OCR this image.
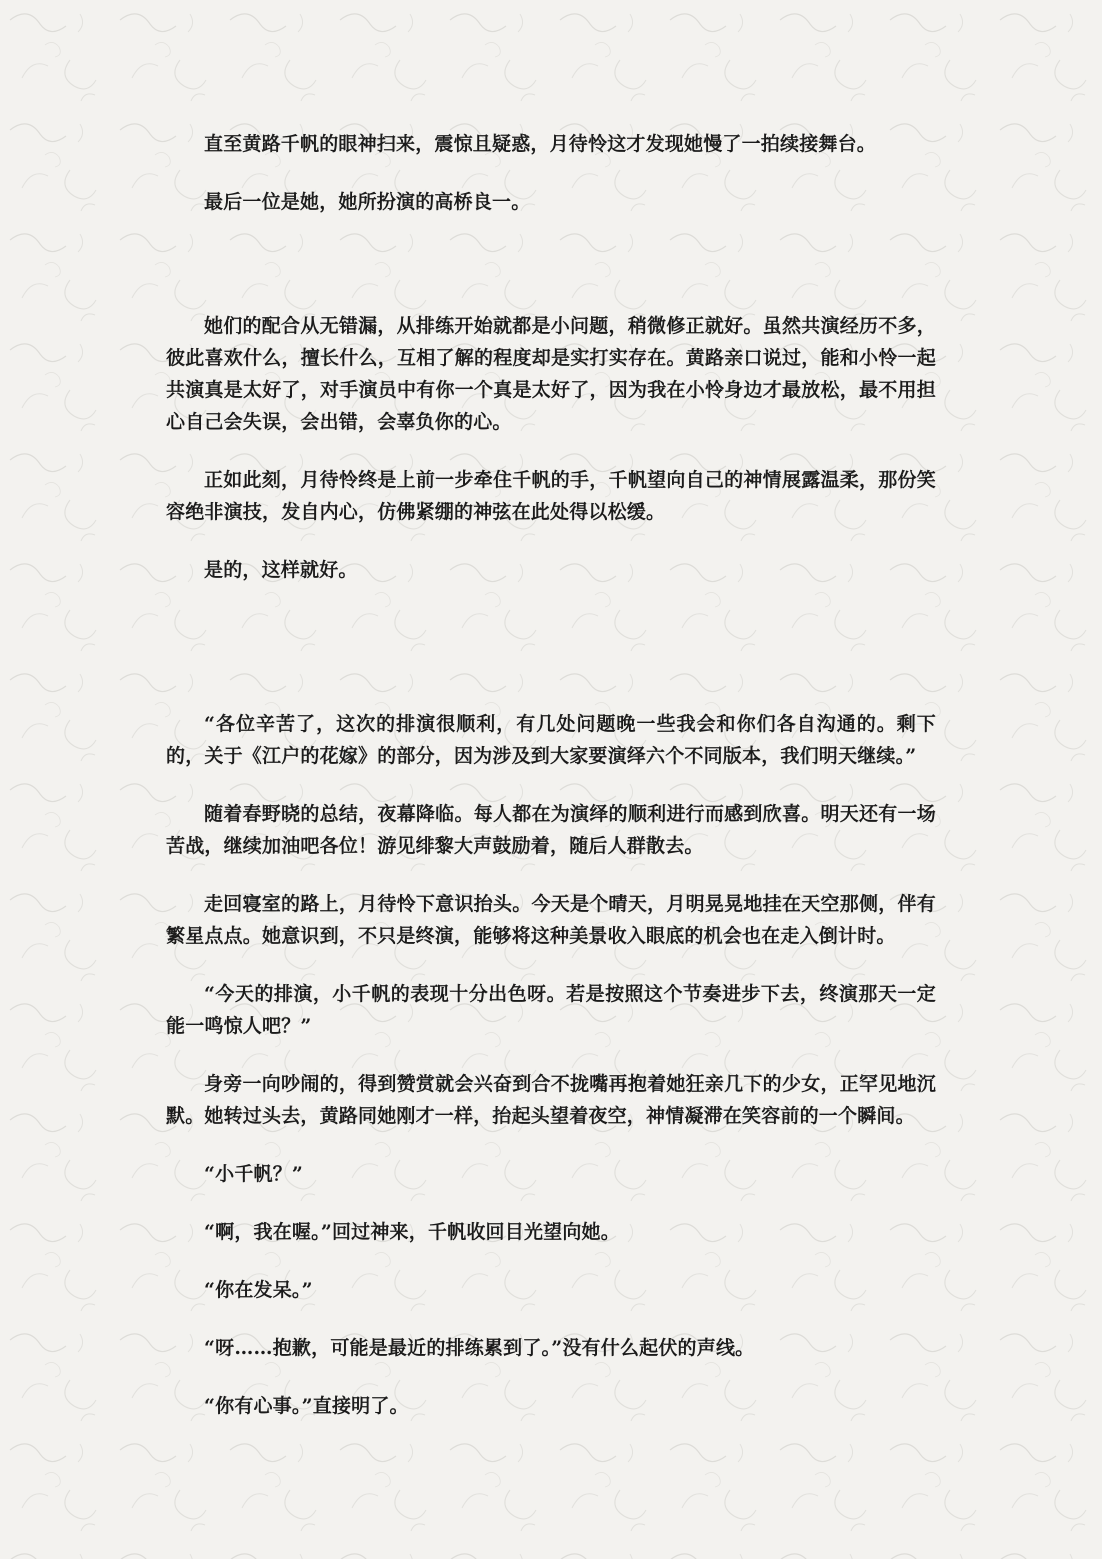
直至黄路千帆的眼神扫来，震惊且疑惑，月待怜这才发现她慢了一拍续接舞台。

最后一位是她，她所扮演的高桥良一。

她们的配合从无错漏，从排练开始就都是小问题，稍微修正就好。虽然共演经历不多，彼此喜欢什么，擅长什么，互相了解的程度却是实打实存在。黄路亲口说过，能和小怜一起共演真是太好了，对手演员中有你一个真是太好了，因为我在小怜身边才最放松，最不用担心自己会失误，会出错，会辜负你的心。

正如此刻，月待怜终是上前一步牵住千帆的手，千帆望向自己的神情展露温柔，那份笑容绝非演技，发自内心，仿佛紧绷的神弦在此处得以松缓。

是的，这样就好。

“各位辛苦了，这次的排演很顺利，有几处问题晚一些我会和你们各自沟通的。剩下的，关于《江户的花嫁》的部分，因为涉及到大家要演绎六个不同版本，我们明天继续。”

随着春野晓的总结，夜幕降临。每人都在为演绎的顺利进行而感到欣喜。明天还有一场苦战，继续加油吧各位！游见绯黎大声鼓励着，随后人群散去。

走回寝室的路上，月待怜下意识抬头。今天是个晴天，月明晃晃地挂在天空那侧，伴有繁星点点。她意识到，不只是终演，能够将这种美景收入眼底的机会也在走入倒计时。

“今天的排演，小千帆的表现十分出色呀。若是按照这个节奏进步下去，终演那天一定能一鸣惊人吧？”

身旁一向吵闹的，得到赞赏就会兴奋到合不拢嘴再抱着她狂亲几下的少女，正罕见地沉默。她转过头去，黄路同她刚才一样，抬起头望着夜空，神情凝滞在笑容前的一个瞬间。

“小千帆？”

“啊，我在喔。”回过神来，千帆收回目光望向她。

“你在发呆。”

“呀……抱歉，可能是最近的排练累到了。”没有什么起伏的声线。

“你有心事。”直接明了。
